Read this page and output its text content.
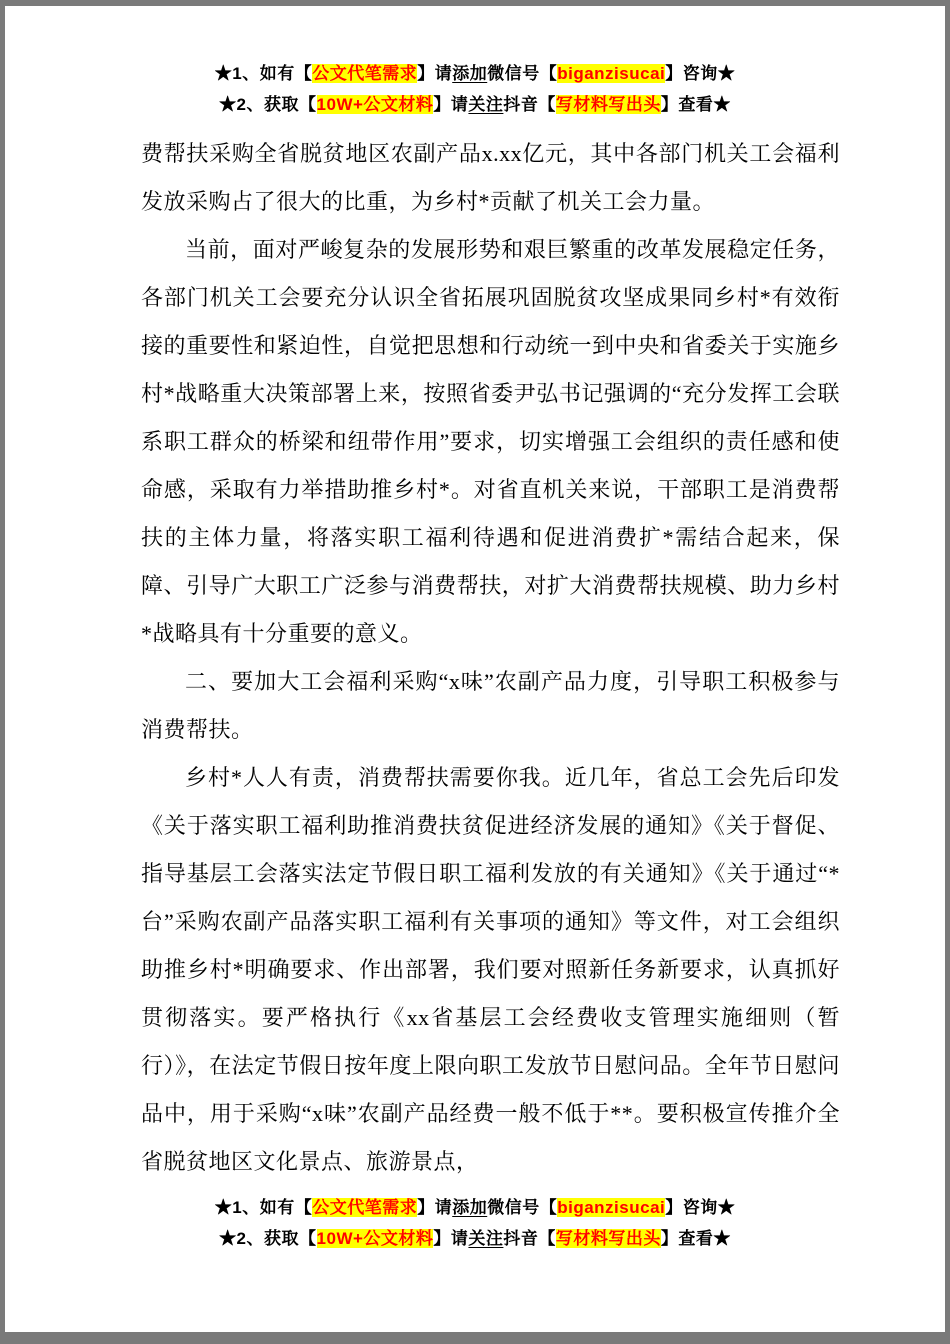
★1、如有【公文代笔需求】请添加微信号【biganzisucai】咨询★
★2、获取【10W+公文材料】请关注抖音【写材料写出头】查看★

费帮扶采购全省脱贫地区农副产品x.xx亿元，其中各部门机关工会福利发放采购占了很大的比重，为乡村*贡献了机关工会力量。

当前，面对严峻复杂的发展形势和艰巨繁重的改革发展稳定任务，各部门机关工会要充分认识全省拓展巩固脱贫攻坚成果同乡村*有效衔接的重要性和紧迫性，自觉把思想和行动统一到中央和省委关于实施乡村*战略重大决策部署上来，按照省委尹弘书记强调的“充分发挥工会联系职工群众的桥梁和纽带作用”要求，切实增强工会组织的责任感和使命感，采取有力举措助推乡村*。对省直机关来说，干部职工是消费帮扶的主体力量，将落实职工福利待遇和促进消费扩*需结合起来，保障、引导广大职工广泛参与消费帮扶，对扩大消费帮扶规模、助力乡村*战略具有十分重要的意义。

二、要加大工会福利采购“x味”农副产品力度，引导职工积极参与消费帮扶。

乡村*人人有责，消费帮扶需要你我。近几年，省总工会先后印发《关于落实职工福利助推消费扶贫促进经济发展的通知》《关于督促、指导基层工会落实法定节假日职工福利发放的有关通知》《关于通过“*台”采购农副产品落实职工福利有关事项的通知》等文件，对工会组织助推乡村*明确要求、作出部署，我们要对照新任务新要求，认真抓好贯彻落实。要严格执行《xx省基层工会经费收支管理实施细则（暂行）》，在法定节假日按年度上限向职工发放节日慰问品。全年节日慰问品中，用于采购“x味”农副产品经费一般不低于**。要积极宣传推介全省脱贫地区文化景点、旅游景点，

★1、如有【公文代笔需求】请添加微信号【biganzisucai】咨询★
★2、获取【10W+公文材料】请关注抖音【写材料写出头】查看★
